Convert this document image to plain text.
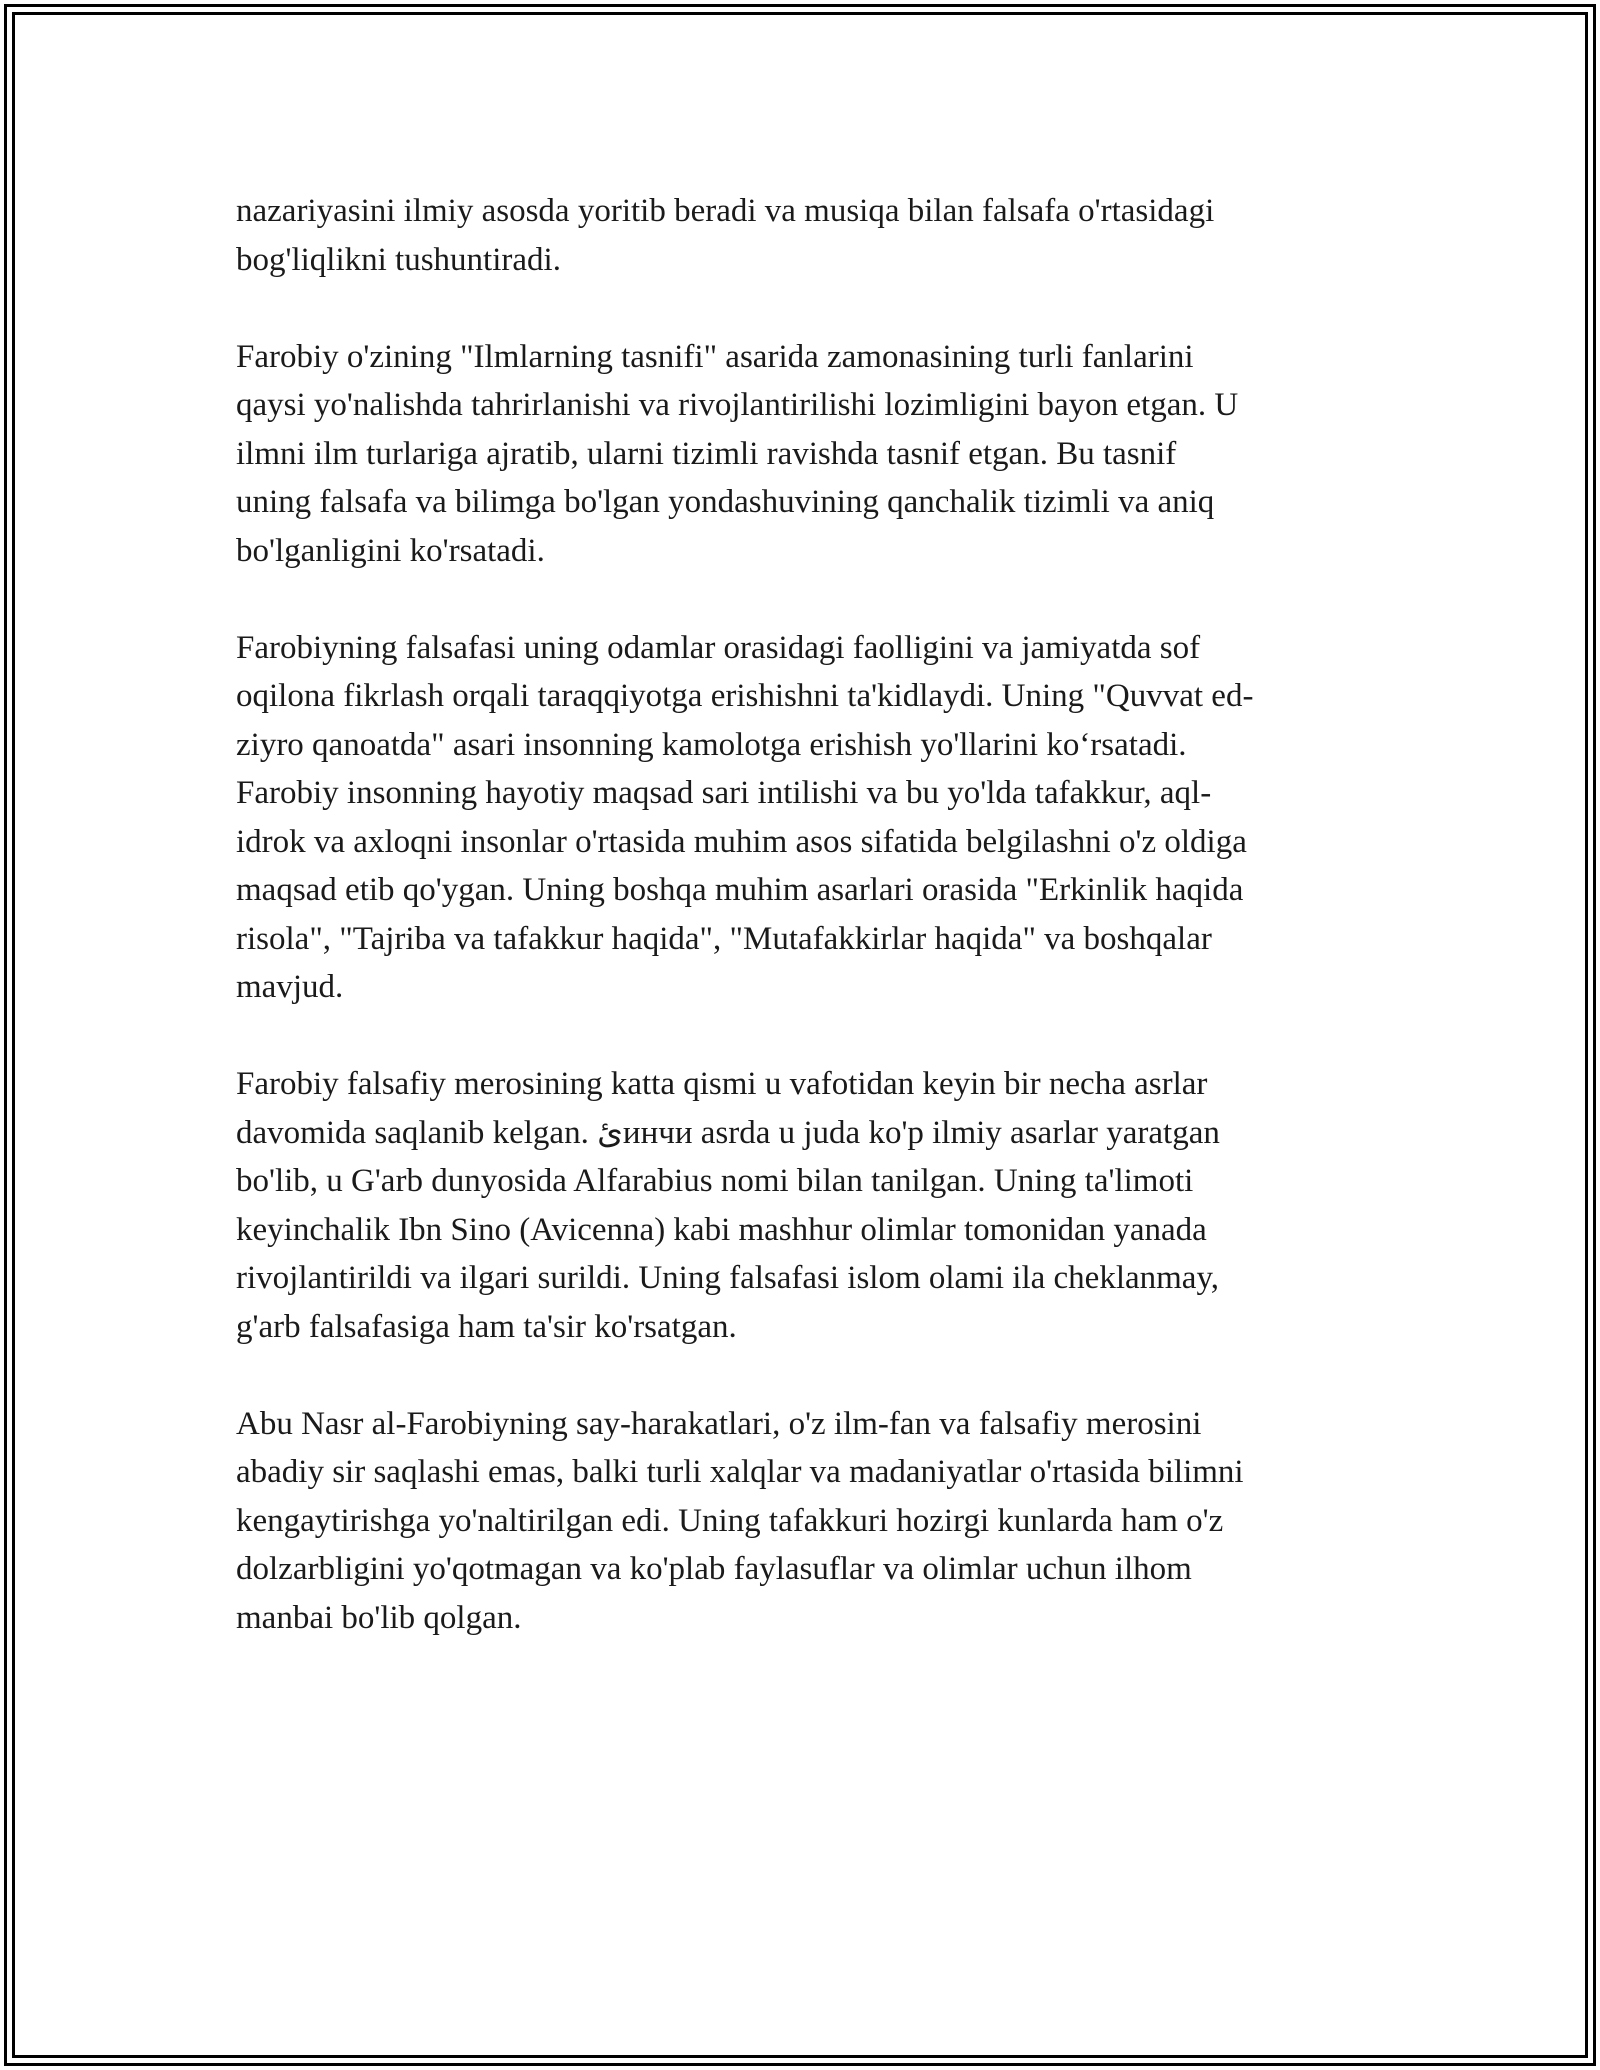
nazariyasini ilmiy asosda yoritib beradi va musiqa bilan falsafa o'rtasidagi
bog'liqlikni tushuntiradi.

Farobiy o'zining "Ilmlarning tasnifi" asarida zamonasining turli fanlarini
qaysi yo'nalishda tahrirlanishi va rivojlantirilishi lozimligini bayon etgan. U
ilmni ilm turlariga ajratib, ularni tizimli ravishda tasnif etgan. Bu tasnif
uning falsafa va bilimga bo'lgan yondashuvining qanchalik tizimli va aniq
bo'lganligini ko'rsatadi.

Farobiyning falsafasi uning odamlar orasidagi faolligini va jamiyatda sof
oqilona fikrlash orqali taraqqiyotga erishishni ta'kidlaydi. Uning "Quvvat ed-
ziyro qanoatda" asari insonning kamolotga erishish yo'llarini ko‘rsatadi.
Farobiy insonning hayotiy maqsad sari intilishi va bu yo'lda tafakkur, aql-
idrok va axloqni insonlar o'rtasida muhim asos sifatida belgilashni o'z oldiga
maqsad etib qo'ygan. Uning boshqa muhim asarlari orasida "Erkinlik haqida
risola", "Tajriba va tafakkur haqida", "Mutafakkirlar haqida" va boshqalar
mavjud.

Farobiy falsafiy merosining katta qismi u vafotidan keyin bir necha asrlar
davomida saqlanib kelgan. ئинчи asrda u juda ko'p ilmiy asarlar yaratgan
bo'lib, u G'arb dunyosida Alfarabius nomi bilan tanilgan. Uning ta'limoti
keyinchalik Ibn Sino (Avicenna) kabi mashhur olimlar tomonidan yanada
rivojlantirildi va ilgari surildi. Uning falsafasi islom olami ila cheklanmay,
g'arb falsafasiga ham ta'sir ko'rsatgan.

Abu Nasr al-Farobiyning say-harakatlari, o'z ilm-fan va falsafiy merosini
abadiy sir saqlashi emas, balki turli xalqlar va madaniyatlar o'rtasida bilimni
kengaytirishga yo'naltirilgan edi. Uning tafakkuri hozirgi kunlarda ham o'z
dolzarbligini yo'qotmagan va ko'plab faylasuflar va olimlar uchun ilhom
manbai bo'lib qolgan.
